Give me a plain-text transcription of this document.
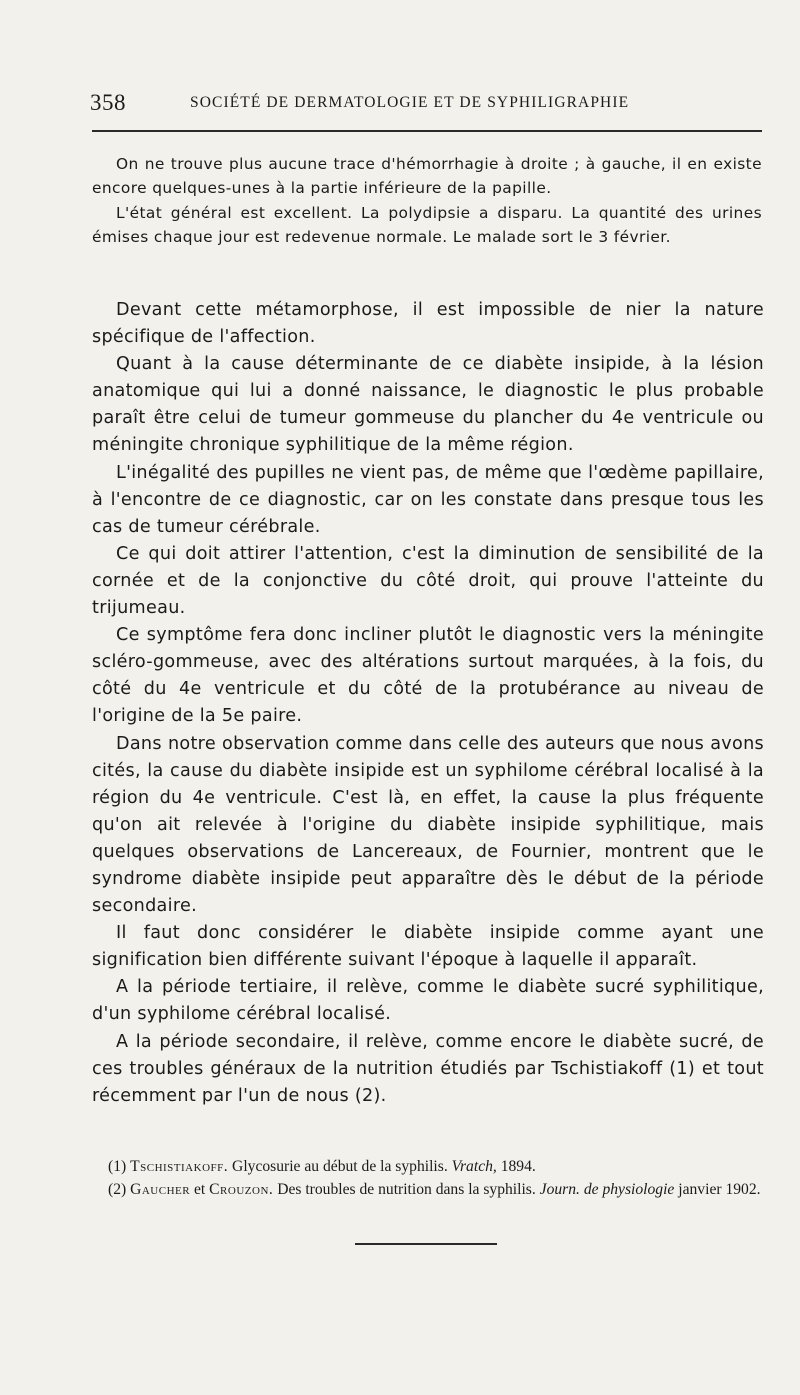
358	SOCIÉTÉ DE DERMATOLOGIE ET DE SYPHILIGRAPHIE

On ne trouve plus aucune trace d'hémorrhagie à droite ; à gauche, il en existe encore quelques-unes à la partie inférieure de la papille.

L'état général est excellent. La polydipsie a disparu. La quantité des urines émises chaque jour est redevenue normale. Le malade sort le 3 février.

Devant cette métamorphose, il est impossible de nier la nature spécifique de l'affection.

Quant à la cause déterminante de ce diabète insipide, à la lésion anatomique qui lui a donné naissance, le diagnostic le plus probable paraît être celui de tumeur gommeuse du plancher du 4e ventricule ou méningite chronique syphilitique de la même région.

L'inégalité des pupilles ne vient pas, de même que l'œdème papillaire, à l'encontre de ce diagnostic, car on les constate dans presque tous les cas de tumeur cérébrale.

Ce qui doit attirer l'attention, c'est la diminution de sensibilité de la cornée et de la conjonctive du côté droit, qui prouve l'atteinte du trijumeau.

Ce symptôme fera donc incliner plutôt le diagnostic vers la méningite scléro-gommeuse, avec des altérations surtout marquées, à la fois, du côté du 4e ventricule et du côté de la protubérance au niveau de l'origine de la 5e paire.

Dans notre observation comme dans celle des auteurs que nous avons cités, la cause du diabète insipide est un syphilome cérébral localisé à la région du 4e ventricule. C'est là, en effet, la cause la plus fréquente qu'on ait relevée à l'origine du diabète insipide syphilitique, mais quelques observations de Lancereaux, de Fournier, montrent que le syndrome diabète insipide peut apparaître dès le début de la période secondaire.

Il faut donc considérer le diabète insipide comme ayant une signification bien différente suivant l'époque à laquelle il apparaît.

A la période tertiaire, il relève, comme le diabète sucré syphilitique, d'un syphilome cérébral localisé.

A la période secondaire, il relève, comme encore le diabète sucré, de ces troubles généraux de la nutrition étudiés par Tschistiakoff (1) et tout récemment par l'un de nous (2).

(1) Tschistiakoff. Glycosurie au début de la syphilis. Vratch, 1894.

(2) Gaucher et Crouzon. Des troubles de nutrition dans la syphilis. Journ. de physiologie janvier 1902.
